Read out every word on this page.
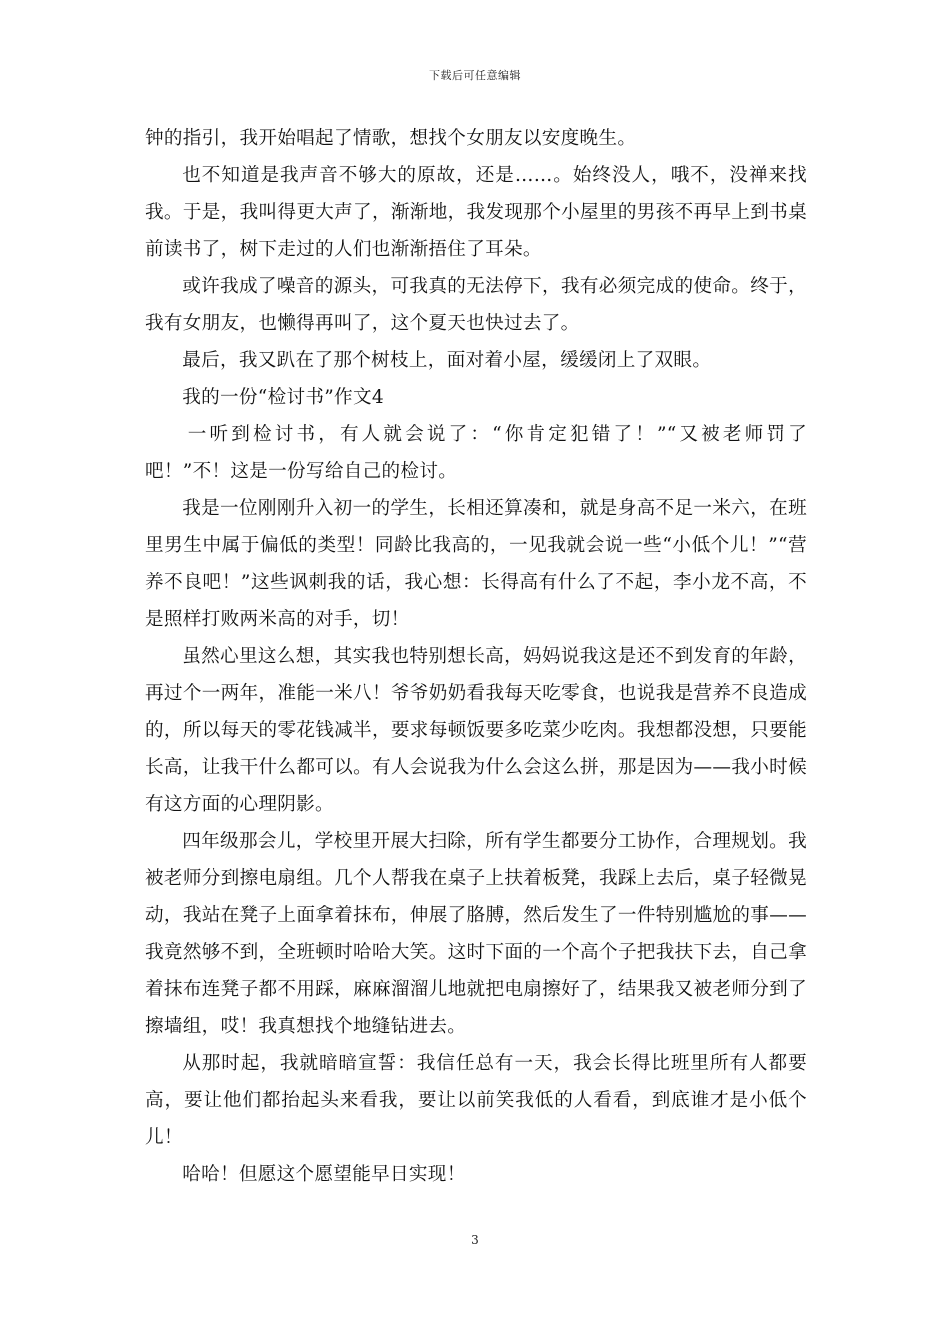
下载后可任意编辑

钟的指引，我开始唱起了情歌，想找个女朋友以安度晚生。

也不知道是我声音不够大的原故，还是……。始终没人，哦不，没禅来找我。于是，我叫得更大声了，渐渐地，我发现那个小屋里的男孩不再早上到书桌前读书了，树下走过的人们也渐渐捂住了耳朵。

或许我成了噪音的源头，可我真的无法停下，我有必须完成的使命。终于，我有女朋友，也懒得再叫了，这个夏天也快过去了。

最后，我又趴在了那个树枝上，面对着小屋，缓缓闭上了双眼。

我的一份“检讨书”作文4

一听到检讨书，有人就会说了：“你肯定犯错了！”“又被老师罚了吧！”不！这是一份写给自己的检讨。

我是一位刚刚升入初一的学生，长相还算凑和，就是身高不足一米六，在班里男生中属于偏低的类型！同龄比我高的，一见我就会说一些“小低个儿！”“营养不良吧！”这些讽刺我的话，我心想：长得高有什么了不起，李小龙不高，不是照样打败两米高的对手，切！

虽然心里这么想，其实我也特别想长高，妈妈说我这是还不到发育的年龄，再过个一两年，准能一米八！爷爷奶奶看我每天吃零食，也说我是营养不良造成的，所以每天的零花钱减半，要求每顿饭要多吃菜少吃肉。我想都没想，只要能长高，让我干什么都可以。有人会说我为什么会这么拼，那是因为——我小时候有这方面的心理阴影。

四年级那会儿，学校里开展大扫除，所有学生都要分工协作，合理规划。我被老师分到擦电扇组。几个人帮我在桌子上扶着板凳，我踩上去后，桌子轻微晃动，我站在凳子上面拿着抹布，伸展了胳膊，然后发生了一件特别尴尬的事——我竟然够不到，全班顿时哈哈大笑。这时下面的一个高个子把我扶下去，自己拿着抹布连凳子都不用踩，麻麻溜溜儿地就把电扇擦好了，结果我又被老师分到了擦墙组，哎！我真想找个地缝钻进去。

从那时起，我就暗暗宣誓：我信任总有一天，我会长得比班里所有人都要高，要让他们都抬起头来看我，要让以前笑我低的人看看，到底谁才是小低个儿！

哈哈！但愿这个愿望能早日实现！

3
